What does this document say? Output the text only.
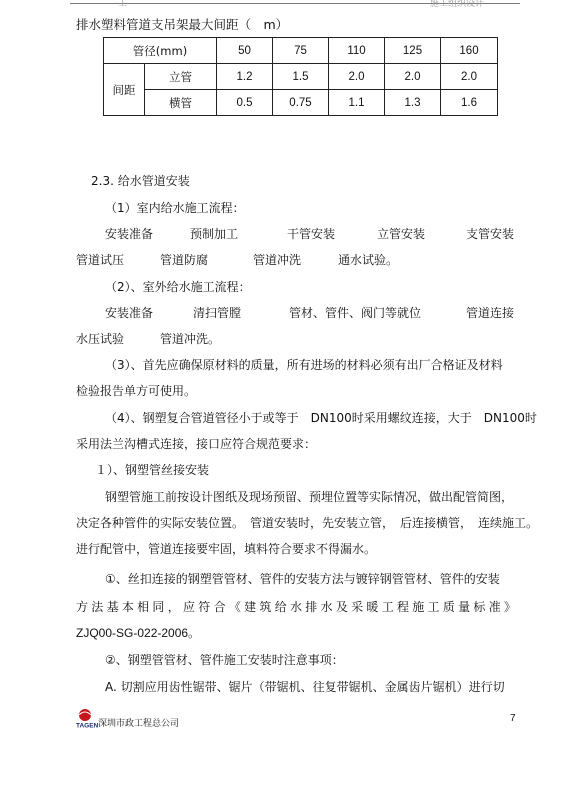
工	施工组织设计
排水塑料管道支吊架最大间距（　m）
管径(mm)		50	75	110	125	160
间距	立管	1.2	1.5	2.0	2.0	2.0
	横管	0.5	0.75	1.1	1.3	1.6
2.3. 给水管道安装
（1）室内给水施工流程：
安装准备	预制加工	干管安装	立管安装	支管安装
管道试压	管道防腐	管道冲洗	通水试验。
（2）、室外给水施工流程：
安装准备	清扫管膛	管材、管件、阀门等就位	管道连接
水压试验	管道冲洗。
（3）、首先应确保原材料的质量，所有进场的材料必须有出厂合格证及材料
检验报告单方可使用。
（4）、钢塑复合管道管径小于或等于　DN100时采用螺纹连接，大于　DN100时
采用法兰沟槽式连接，接口应符合规范要求：
１）、钢塑管丝接安装
钢塑管施工前按设计图纸及现场预留、预埋位置等实际情况，做出配管简图，
决定各种管件的实际安装位置。　管道安装时，先安装立管，　后连接横管，　连续施工。
进行配管中，管道连接要牢固，填料符合要求不得漏水。
①、丝扣连接的钢塑管管材、管件的安装方法与镀锌钢管管材、管件的安装
方法基本相同，应符合《建筑给水排水及采暖工程施工质量标准》
ZJQ00-SG-022-2006。
②、钢塑管管材、管件施工安装时注意事项：
A. 切割应用齿性锯带、锯片（带锯机、往复带锯机、金属齿片锯机）进行切
TAGEN 深圳市政工程总公司	7
